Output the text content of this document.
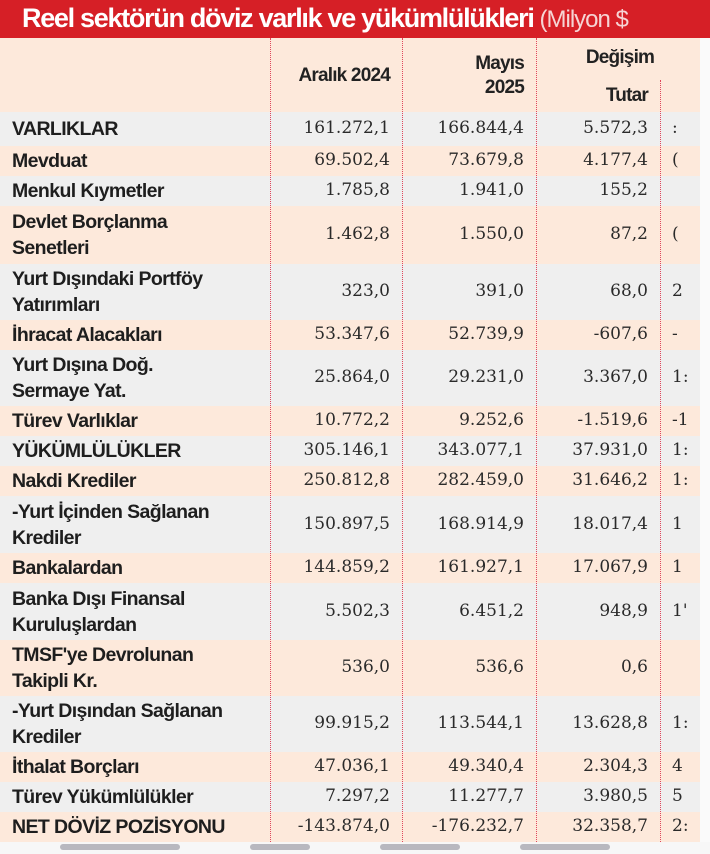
Reel sektörün döviz varlık ve yükümlülükleri (Milyon $
Aralık 2024
Mayıs
2025
Değişim
Tutar
VARLIKLAR	161.272,1	166.844,4	5.572,3 :
Mevduat	69.502,4	73.679,8	4.177,4 (
Menkul Kıymetler	1.785,8	1.941,0	155,2
Devlet Borçlanma
Senetleri
1.462,8	1.550,0	87,2 (
Yurt Dışındaki Portföy
Yatırımları
323,0	391,0	68,0 2
İhracat Alacakları	53.347,6	52.739,9	-607,6 -
Yurt Dışına Doğ.
Sermaye Yat.
25.864,0	29.231,0	3.367,0 1:
Türev Varlıklar	10.772,2	9.252,6	-1.519,6 -1
YÜKÜMLÜLÜKLER	305.146,1	343.077,1	37.931,0 1:
Nakdi Krediler	250.812,8	282.459,0	31.646,2 1:
-Yurt İçinden Sağlanan
Krediler
150.897,5	168.914,9	18.017,4 1
Bankalardan	144.859,2	161.927,1	17.067,9 1
Banka Dışı Finansal
Kuruluşlardan
5.502,3	6.451,2	948,9 1'
TMSF'ye Devrolunan
Takipli Kr.
536,0	536,6	0,6
-Yurt Dışından Sağlanan
Krediler
99.915,2	113.544,1	13.628,8 1:
İthalat Borçları	47.036,1	49.340,4	2.304,3 4
Türev Yükümlülükler	7.297,2	11.277,7	3.980,5 5
NET DÖVİZ POZİSYONU	-143.874,0	-176.232,7	32.358,7 2:
